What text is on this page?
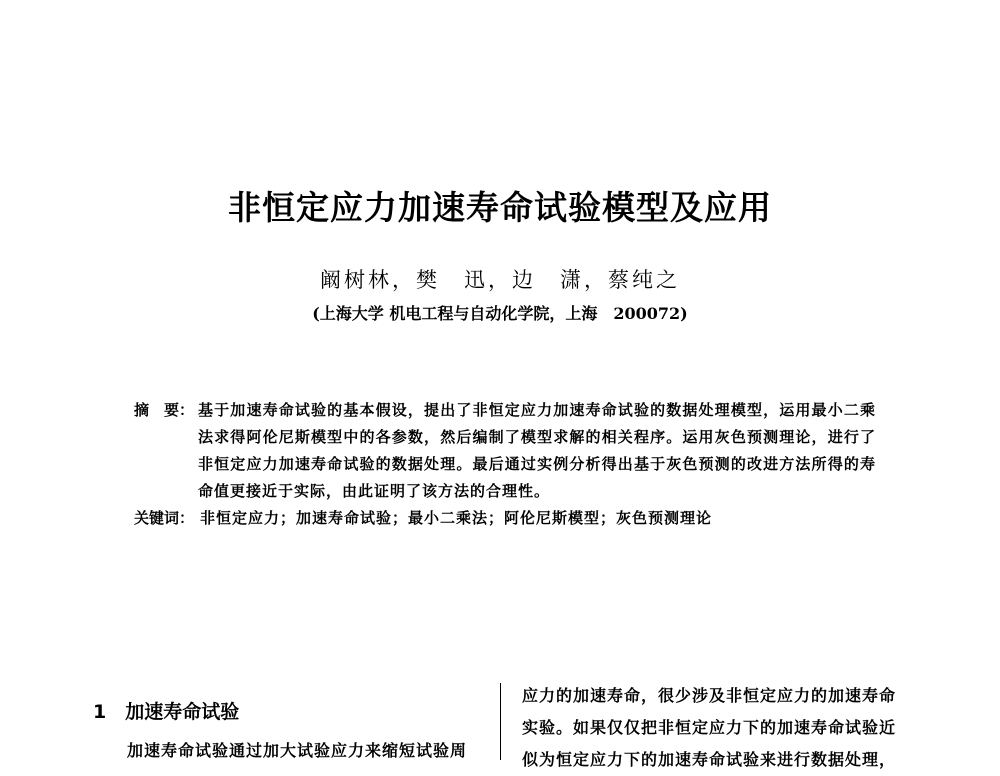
非恒定应力加速寿命试验模型及应用
阚树林，樊　迅，边　潇，蔡纯之
(上海大学 机电工程与自动化学院，上海　200072)
摘　要： 基于加速寿命试验的基本假设，提出了非恒定应力加速寿命试验的数据处理模型，运用最小二乘法求得阿伦尼斯模型中的各参数，然后编制了模型求解的相关程序。运用灰色预测理论，进行了非恒定应力加速寿命试验的数据处理。最后通过实例分析得出基于灰色预测的改进方法所得的寿命值更接近于实际，由此证明了该方法的合理性。
关键词： 非恒定应力；加速寿命试验；最小二乘法；阿伦尼斯模型；灰色预测理论
1　加速寿命试验
加速寿命试验通过加大试验应力来缩短试验周
应力的加速寿命，很少涉及非恒定应力的加速寿命
实验。如果仅仅把非恒定应力下的加速寿命试验近
似为恒定应力下的加速寿命试验来进行数据处理，
